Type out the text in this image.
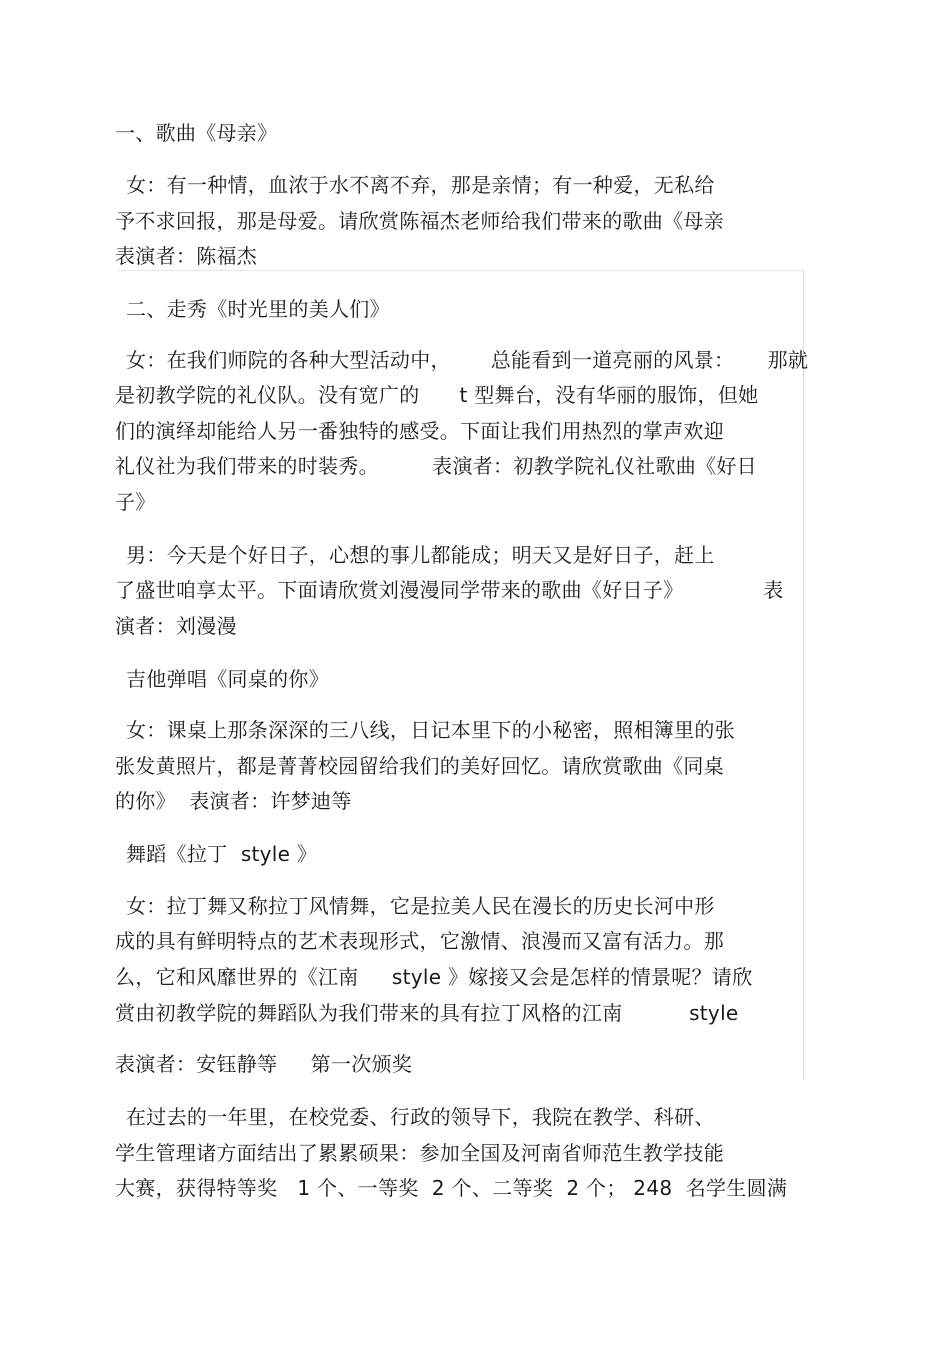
一、歌曲《母亲》
女：有一种情，血浓于水不离不弃，那是亲情；有一种爱，无私给
予不求回报，那是母爱。请欣赏陈福杰老师给我们带来的歌曲《母亲
表演者：陈福杰
二、走秀《时光里的美人们》
女：在我们师院的各种大型活动中，      总能看到一道亮丽的风景：     那就
是初教学院的礼仪队。没有宽广的      t 型舞台，没有华丽的服饰，但她
们的演绎却能给人另一番独特的感受。下面让我们用热烈的掌声欢迎
礼仪社为我们带来的时装秀。        表演者：初教学院礼仪社歌曲《好日
子》
男：今天是个好日子，心想的事儿都能成；明天又是好日子，赶上
了盛世咱享太平。下面请欣赏刘漫漫同学带来的歌曲《好日子》            表
演者：刘漫漫
吉他弹唱《同桌的你》
女：课桌上那条深深的三八线，日记本里下的小秘密，照相簿里的张
张发黄照片，都是菁菁校园留给我们的美好回忆。请欣赏歌曲《同桌
的你》  表演者：许梦迪等
舞蹈《拉丁  style 》
女：拉丁舞又称拉丁风情舞，它是拉美人民在漫长的历史长河中形
成的具有鲜明特点的艺术表现形式，它激情、浪漫而又富有活力。那
么，它和风靡世界的《江南     style 》嫁接又会是怎样的情景呢？请欣
赏由初教学院的舞蹈队为我们带来的具有拉丁风格的江南          style
表演者：安钰静等     第一次颁奖
在过去的一年里，在校党委、行政的领导下，我院在教学、科研、
学生管理诸方面结出了累累硕果：参加全国及河南省师范生教学技能
大赛，获得特等奖   1 个、一等奖  2 个、二等奖  2 个； 248  名学生圆满
